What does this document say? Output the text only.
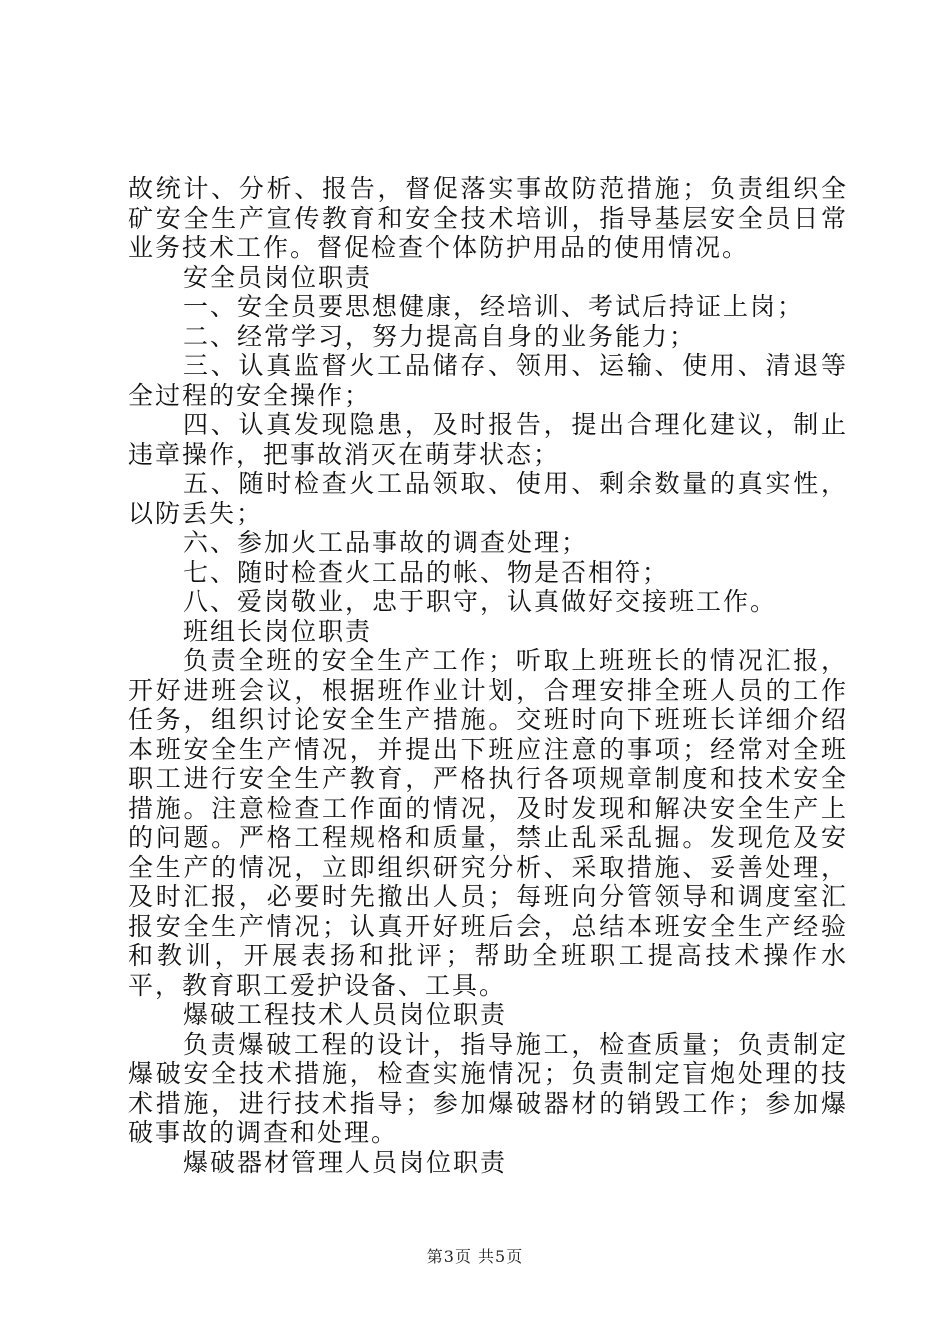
故统计、分析、报告，督促落实事故防范措施；负责组织全矿安全生产宣传教育和安全技术培训，指导基层安全员日常业务技术工作。督促检查个体防护用品的使用情况。

安全员岗位职责

一、安全员要思想健康，经培训、考试后持证上岗；

二、经常学习，努力提高自身的业务能力；

三、认真监督火工品储存、领用、运输、使用、清退等全过程的安全操作；

四、认真发现隐患，及时报告，提出合理化建议，制止违章操作，把事故消灭在萌芽状态；

五、随时检查火工品领取、使用、剩余数量的真实性，以防丢失；

六、参加火工品事故的调查处理；

七、随时检查火工品的帐、物是否相符；

八、爱岗敬业，忠于职守，认真做好交接班工作。

班组长岗位职责

负责全班的安全生产工作；听取上班班长的情况汇报，开好进班会议，根据班作业计划，合理安排全班人员的工作任务，组织讨论安全生产措施。交班时向下班班长详细介绍本班安全生产情况，并提出下班应注意的事项；经常对全班职工进行安全生产教育，严格执行各项规章制度和技术安全措施。注意检查工作面的情况，及时发现和解决安全生产上的问题。严格工程规格和质量，禁止乱采乱掘。发现危及安全生产的情况，立即组织研究分析、采取措施、妥善处理，及时汇报，必要时先撤出人员；每班向分管领导和调度室汇报安全生产情况；认真开好班后会，总结本班安全生产经验和教训，开展表扬和批评；帮助全班职工提高技术操作水平，教育职工爱护设备、工具。

爆破工程技术人员岗位职责

负责爆破工程的设计，指导施工，检查质量；负责制定爆破安全技术措施，检查实施情况；负责制定盲炮处理的技术措施，进行技术指导；参加爆破器材的销毁工作；参加爆破事故的调查和处理。

爆破器材管理人员岗位职责

第3页 共5页
